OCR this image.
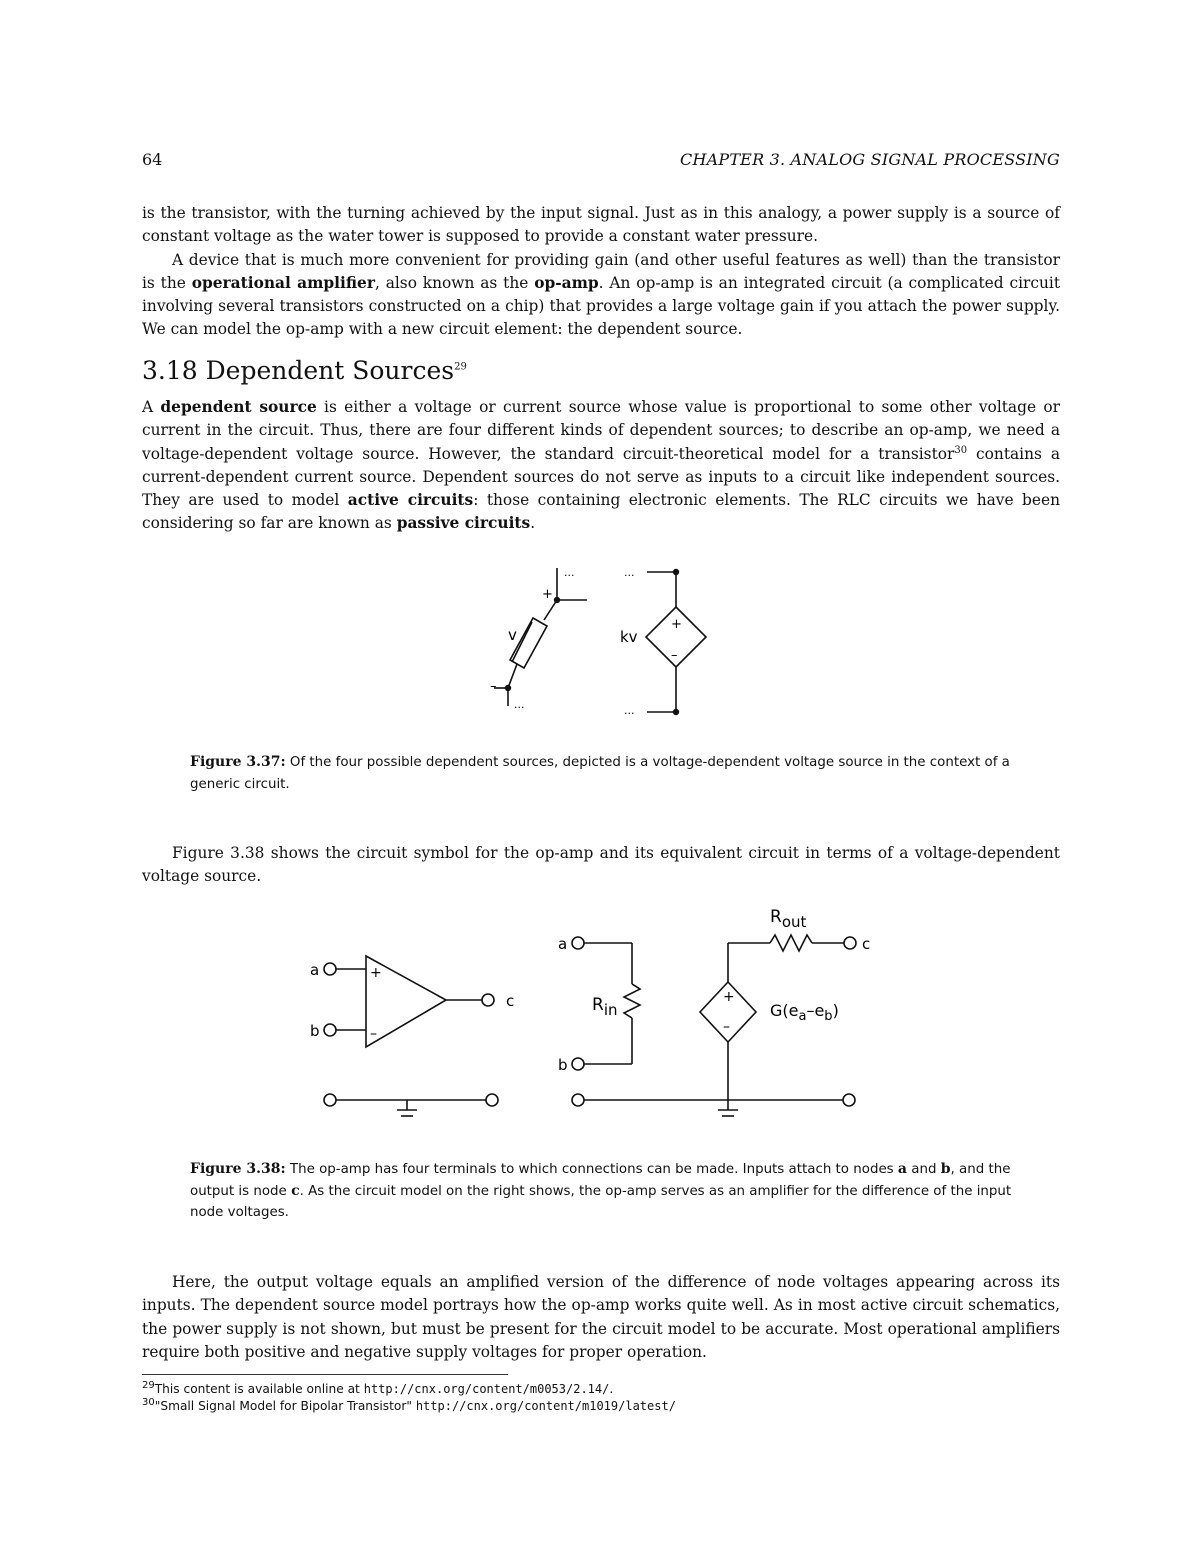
64	CHAPTER 3. ANALOG SIGNAL PROCESSING

is the transistor, with the turning achieved by the input signal. Just as in this analogy, a power supply is a source of constant voltage as the water tower is supposed to provide a constant water pressure.

A device that is much more convenient for providing gain (and other useful features as well) than the transistor is the operational amplifier, also known as the op-amp. An op-amp is an integrated circuit (a complicated circuit involving several transistors constructed on a chip) that provides a large voltage gain if you attach the power supply. We can model the op-amp with a new circuit element: the dependent source.

3.18 Dependent Sources$^{29}$

A dependent source is either a voltage or current source whose value is proportional to some other voltage or current in the circuit. Thus, there are four different kinds of dependent sources; to describe an op-amp, we need a voltage-dependent voltage source. However, the standard circuit-theoretical model for a transistor$^{30}$ contains a current-dependent current source. Dependent sources do not serve as inputs to a circuit like independent sources. They are used to model active circuits: those containing electronic elements. The RLC circuits we have been considering so far are known as passive circuits.

+
–
v	kv
+
–
...	...
...	...
Figure 3.37: Of the four possible dependent sources, depicted is a voltage-dependent voltage source in the context of a generic circuit.

Figure 3.38 shows the circuit symbol for the op-amp and its equivalent circuit in terms of a voltage-dependent voltage source.

a
b
c
+
–
a
b
c
Rin
Rout
+
–
$G(e_a-e_b)$
Figure 3.38: The op-amp has four terminals to which connections can be made. Inputs attach to nodes a and b, and the output is node c. As the circuit model on the right shows, the op-amp serves as an amplifier for the difference of the input node voltages.

Here, the output voltage equals an amplified version of the difference of node voltages appearing across its inputs. The dependent source model portrays how the op-amp works quite well. As in most active circuit schematics, the power supply is not shown, but must be present for the circuit model to be accurate. Most operational amplifiers require both positive and negative supply voltages for proper operation.

$^{29}$This content is available online at http://cnx.org/content/m0053/2.14/.
$^{30}$"Small Signal Model for Bipolar Transistor" http://cnx.org/content/m1019/latest/
